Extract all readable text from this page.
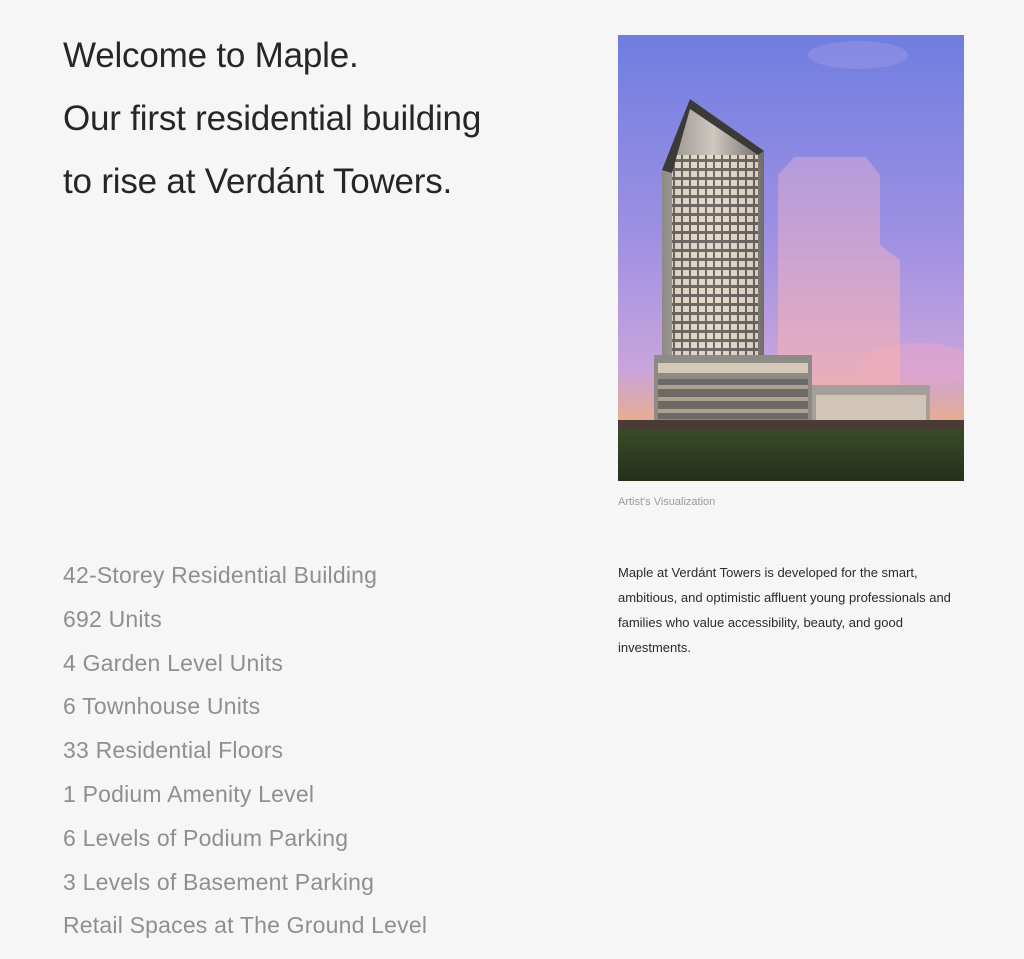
Welcome to Maple.
Our first residential building
to rise at Verdánt Towers.
Artist's Visualization
42-Storey Residential Building
692 Units
4 Garden Level Units
6 Townhouse Units
33 Residential Floors
1 Podium Amenity Level
6 Levels of Podium Parking
3 Levels of Basement Parking
Retail Spaces at The Ground Level

Maple at Verdánt Towers is developed for the smart, ambitious, and optimistic affluent young professionals and families who value accessibility, beauty, and good investments.
